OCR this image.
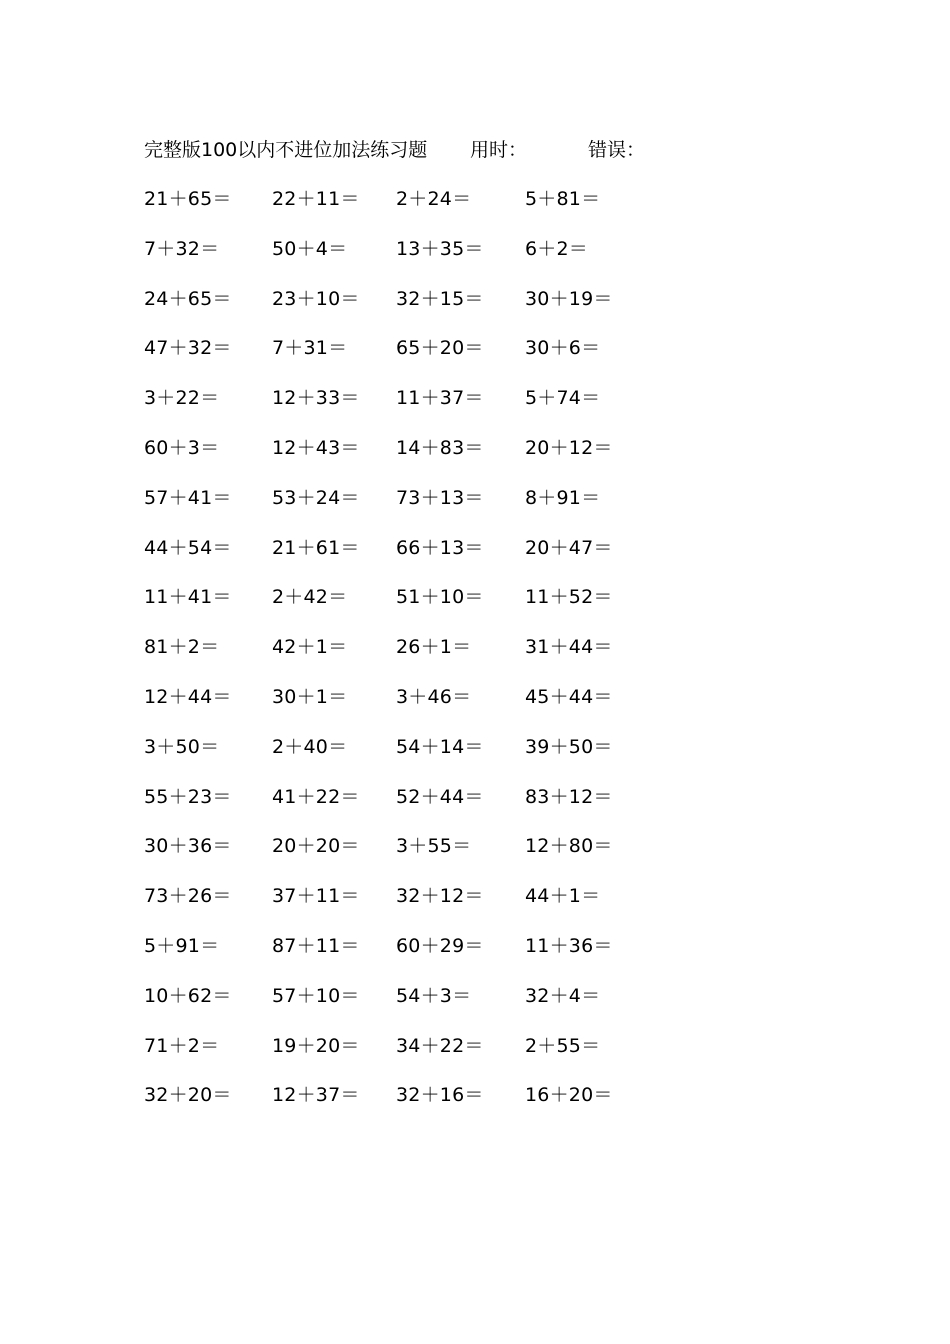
完整版100以内不进位加法练习题 用时：	错误：
21＋65＝ 22＋11＝ 2＋24＝	5＋81＝
7＋32＝	50＋4＝	13＋35＝ 6＋2＝
24＋65＝ 23＋10＝ 32＋15＝ 30＋19＝
47＋32＝ 7＋31＝	65＋20＝ 30＋6＝
3＋22＝	12＋33＝ 11＋37＝ 5＋74＝
60＋3＝	12＋43＝ 14＋83＝ 20＋12＝
57＋41＝ 53＋24＝ 73＋13＝ 8＋91＝
44＋54＝ 21＋61＝ 66＋13＝ 20＋47＝
11＋41＝ 2＋42＝	51＋10＝ 11＋52＝
81＋2＝	42＋1＝	26＋1＝	31＋44＝
12＋44＝ 30＋1＝	3＋46＝	45＋44＝
3＋50＝	2＋40＝	54＋14＝ 39＋50＝
55＋23＝ 41＋22＝ 52＋44＝ 83＋12＝
30＋36＝ 20＋20＝ 3＋55＝	12＋80＝
73＋26＝ 37＋11＝ 32＋12＝ 44＋1＝
5＋91＝	87＋11＝ 60＋29＝ 11＋36＝
10＋62＝ 57＋10＝ 54＋3＝	32＋4＝
71＋2＝	19＋20＝ 34＋22＝ 2＋55＝
32＋20＝ 12＋37＝ 32＋16＝ 16＋20＝
